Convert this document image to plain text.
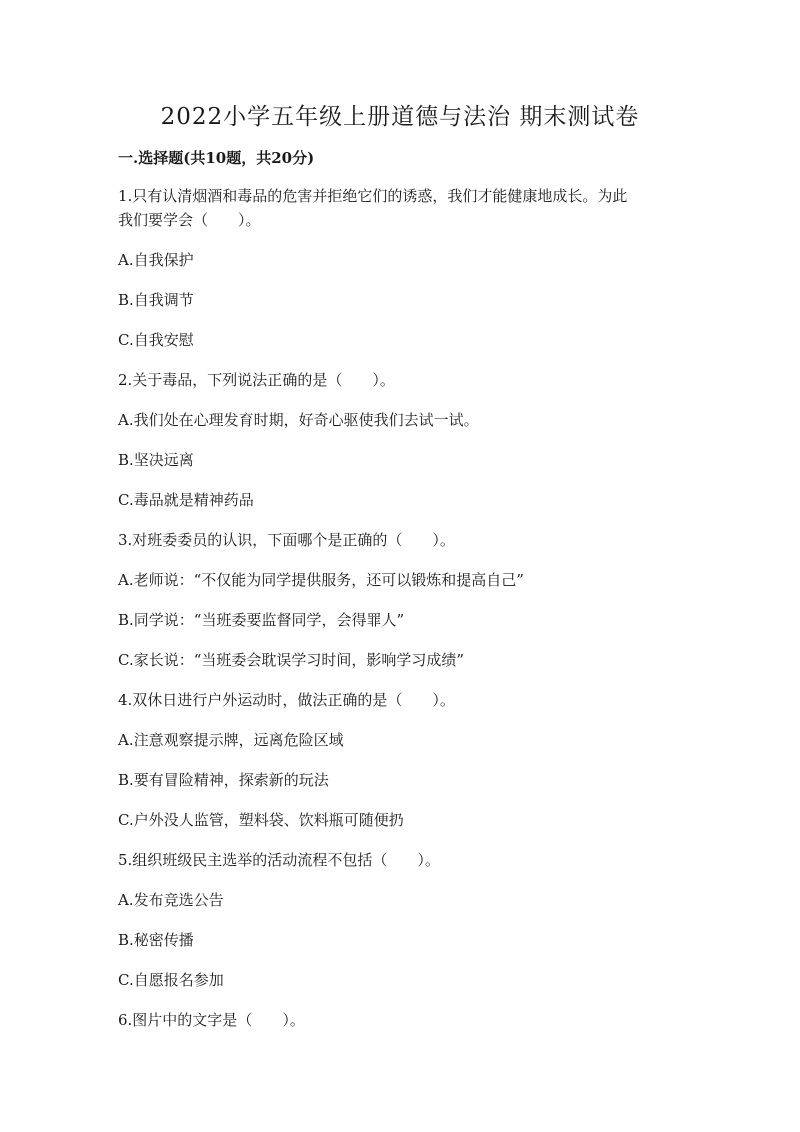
2022小学五年级上册道德与法治 期末测试卷
一.选择题(共10题，共20分)

1.只有认清烟酒和毒品的危害并拒绝它们的诱惑，我们才能健康地成长。为此

我们要学会（　　）。

A.自我保护

B.自我调节

C.自我安慰

2.关于毒品，下列说法正确的是（　　）。

A.我们处在心理发育时期，好奇心驱使我们去试一试。

B.坚决远离

C.毒品就是精神药品

3.对班委委员的认识，下面哪个是正确的（　　）。

A.老师说：“不仅能为同学提供服务，还可以锻炼和提高自己”

B.同学说：“当班委要监督同学，会得罪人”

C.家长说：“当班委会耽误学习时间，影响学习成绩”

4.双休日进行户外运动时，做法正确的是（　　）。

A.注意观察提示牌，远离危险区域

B.要有冒险精神，探索新的玩法

C.户外没人监管，塑料袋、饮料瓶可随便扔

5.组织班级民主选举的活动流程不包括（　　）。

A.发布竞选公告

B.秘密传播

C.自愿报名参加

6.图片中的文字是（　　）。
